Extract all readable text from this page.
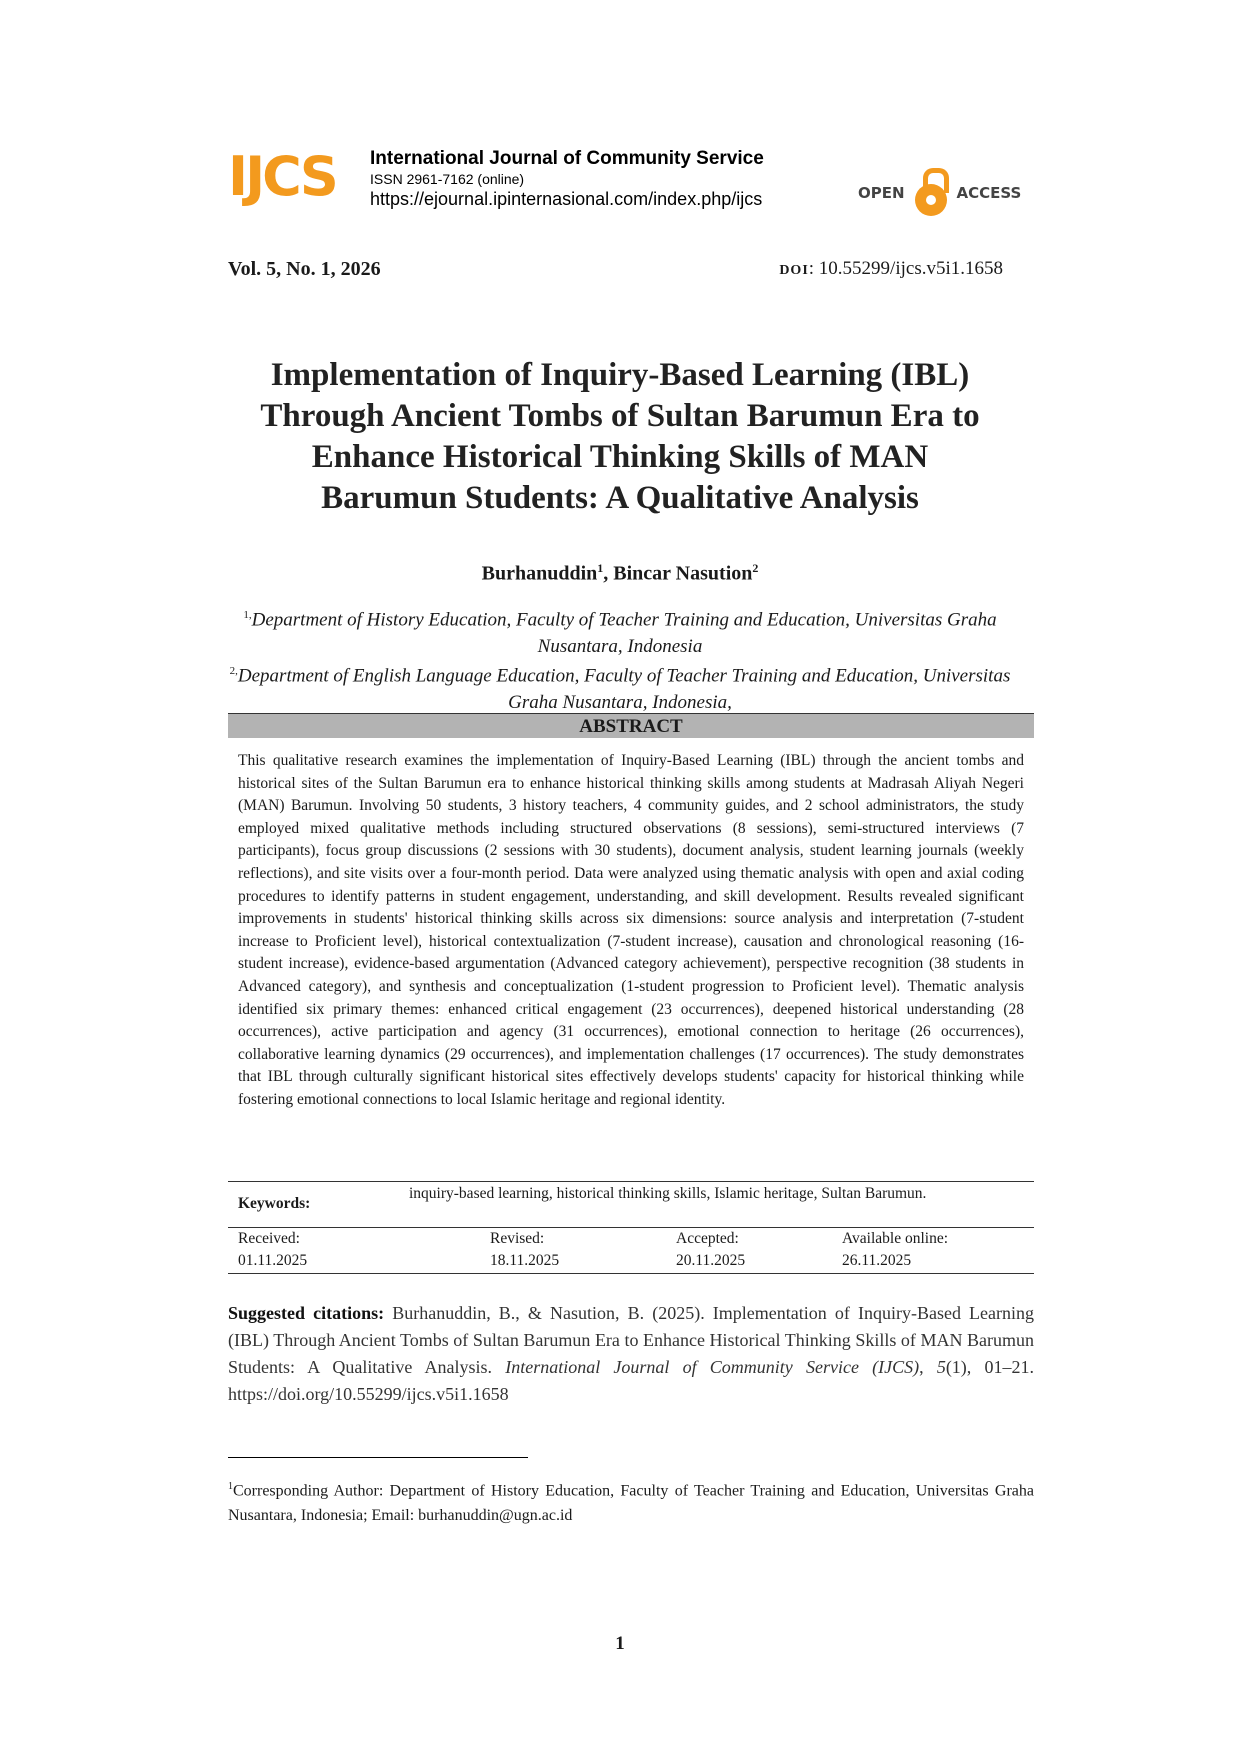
IJCS International Journal of Community Service
ISSN 2961-7162 (online)
https://ejournal.ipinternasional.com/index.php/ijcs	OPEN	ACCESS
Vol. 5, No. 1, 2026	DOI: 10.55299/ijcs.v5i1.1658
Implementation of Inquiry-Based Learning (IBL)
Through Ancient Tombs of Sultan Barumun Era to
Enhance Historical Thinking Skills of MAN
Barumun Students: A Qualitative Analysis
Burhanuddin$^1$, Bincar Nasution$^2$
$^{1,}$Department of History Education, Faculty of Teacher Training and Education, Universitas Graha Nusantara, Indonesia
$^{2,}$Department of English Language Education, Faculty of Teacher Training and Education, Universitas Graha Nusantara, Indonesia,
ABSTRACT
This qualitative research examines the implementation of Inquiry-Based Learning (IBL) through the ancient tombs and historical sites of the Sultan Barumun era to enhance historical thinking skills among students at Madrasah Aliyah Negeri (MAN) Barumun. Involving 50 students, 3 history teachers, 4 community guides, and 2 school administrators, the study employed mixed qualitative methods including structured observations (8 sessions), semi-structured interviews (7 participants), focus group discussions (2 sessions with 30 students), document analysis, student learning journals (weekly reflections), and site visits over a four-month period. Data were analyzed using thematic analysis with open and axial coding procedures to identify patterns in student engagement, understanding, and skill development. Results revealed significant improvements in students' historical thinking skills across six dimensions: source analysis and interpretation (7-student increase to Proficient level), historical contextualization (7-student increase), causation and chronological reasoning (16-student increase), evidence-based argumentation (Advanced category achievement), perspective recognition (38 students in Advanced category), and synthesis and conceptualization (1-student progression to Proficient level). Thematic analysis identified six primary themes: enhanced critical engagement (23 occurrences), deepened historical understanding (28 occurrences), active participation and agency (31 occurrences), emotional connection to heritage (26 occurrences), collaborative learning dynamics (29 occurrences), and implementation challenges (17 occurrences). The study demonstrates that IBL through culturally significant historical sites effectively develops students' capacity for historical thinking while fostering emotional connections to local Islamic heritage and regional identity.
Keywords:
inquiry-based learning, historical thinking skills, Islamic heritage, Sultan Barumun.
Received:
01.11.2025
Revised:
18.11.2025
Accepted:
20.11.2025
Available online:
26.11.2025
Suggested citations: Burhanuddin, B., & Nasution, B. (2025). Implementation of Inquiry-Based Learning (IBL) Through Ancient Tombs of Sultan Barumun Era to Enhance Historical Thinking Skills of MAN Barumun Students: A Qualitative Analysis. International Journal of Community Service (IJCS), 5(1), 01–21. https://doi.org/10.55299/ijcs.v5i1.1658
$^1$Corresponding Author: Department of History Education, Faculty of Teacher Training and Education, Universitas Graha Nusantara, Indonesia; Email: burhanuddin@ugn.ac.id
1
